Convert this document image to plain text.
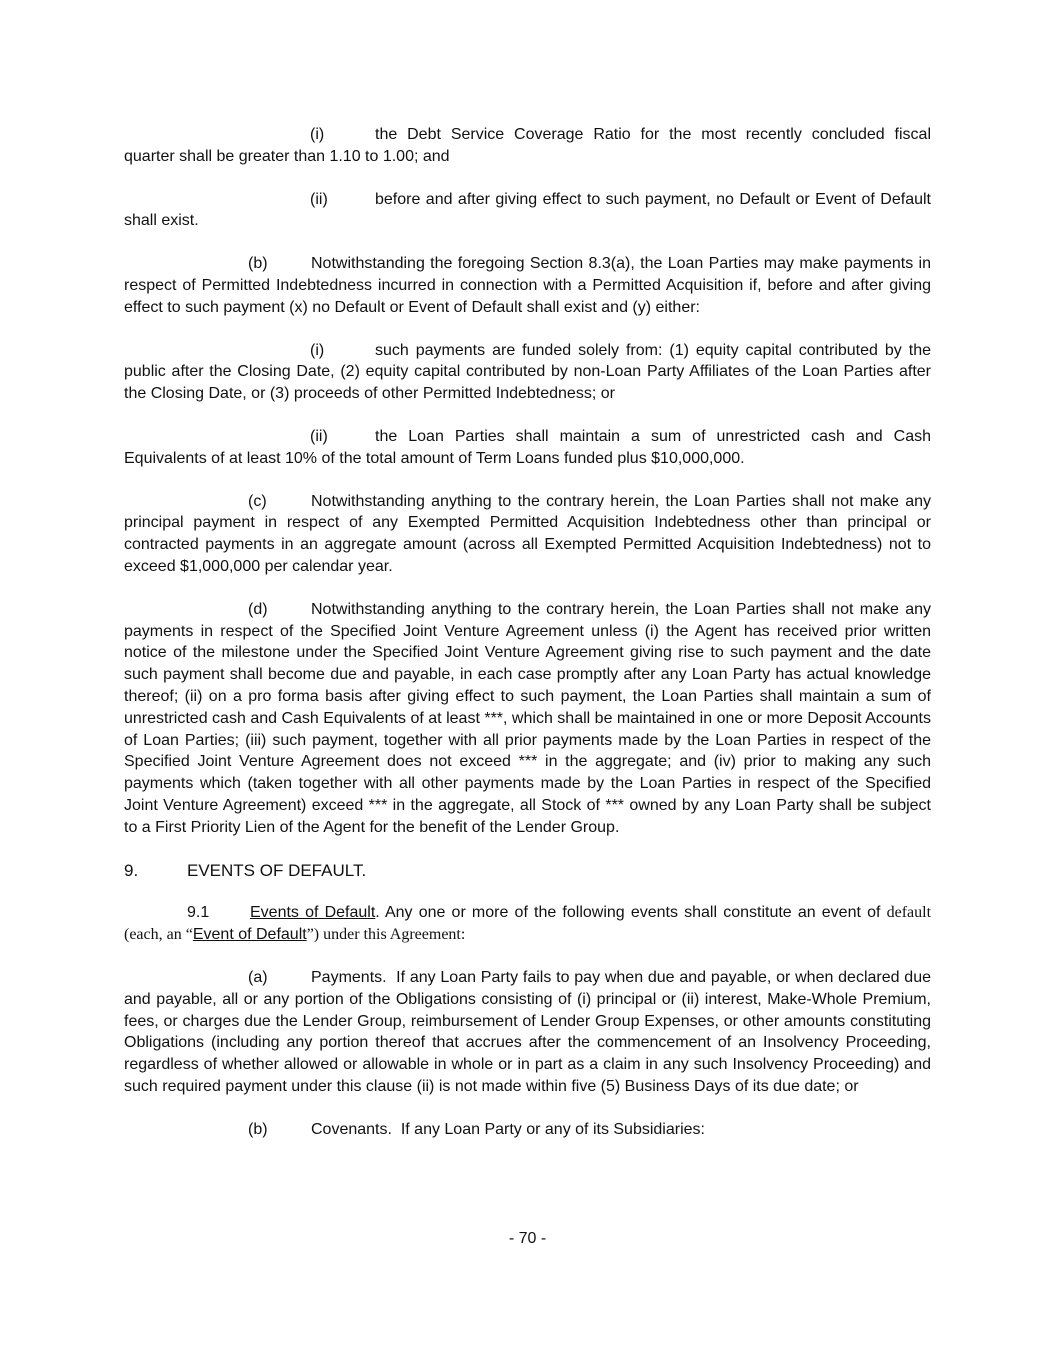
(i)	the Debt Service Coverage Ratio for the most recently concluded fiscal quarter shall be greater than 1.10 to 1.00; and

(ii)	before and after giving effect to such payment, no Default or Event of Default shall exist.

(b)	Notwithstanding the foregoing Section 8.3(a), the Loan Parties may make payments in respect of Permitted Indebtedness incurred in connection with a Permitted Acquisition if, before and after giving effect to such payment (x) no Default or Event of Default shall exist and (y) either:

(i)	such payments are funded solely from: (1) equity capital contributed by the public after the Closing Date, (2) equity capital contributed by non-Loan Party Affiliates of the Loan Parties after the Closing Date, or (3) proceeds of other Permitted Indebtedness; or

(ii)	the Loan Parties shall maintain a sum of unrestricted cash and Cash Equivalents of at least 10% of the total amount of Term Loans funded plus $10,000,000.

(c)	Notwithstanding anything to the contrary herein, the Loan Parties shall not make any principal payment in respect of any Exempted Permitted Acquisition Indebtedness other than principal or contracted payments in an aggregate amount (across all Exempted Permitted Acquisition Indebtedness) not to exceed $1,000,000 per calendar year.

(d)	Notwithstanding anything to the contrary herein, the Loan Parties shall not make any payments in respect of the Specified Joint Venture Agreement unless (i) the Agent has received prior written notice of the milestone under the Specified Joint Venture Agreement giving rise to such payment and the date such payment shall become due and payable, in each case promptly after any Loan Party has actual knowledge thereof; (ii) on a pro forma basis after giving effect to such payment, the Loan Parties shall maintain a sum of unrestricted cash and Cash Equivalents of at least ***, which shall be maintained in one or more Deposit Accounts of Loan Parties; (iii) such payment, together with all prior payments made by the Loan Parties in respect of the Specified Joint Venture Agreement does not exceed *** in the aggregate; and (iv) prior to making any such payments which (taken together with all other payments made by the Loan Parties in respect of the Specified Joint Venture Agreement) exceed *** in the aggregate, all Stock of *** owned by any Loan Party shall be subject to a First Priority Lien of the Agent for the benefit of the Lender Group.

9.	EVENTS OF DEFAULT.

9.1	Events of Default. Any one or more of the following events shall constitute an event of default (each, an “Event of Default”) under this Agreement:

(a)	Payments. If any Loan Party fails to pay when due and payable, or when declared due and payable, all or any portion of the Obligations consisting of (i) principal or (ii) interest, Make-Whole Premium, fees, or charges due the Lender Group, reimbursement of Lender Group Expenses, or other amounts constituting Obligations (including any portion thereof that accrues after the commencement of an Insolvency Proceeding, regardless of whether allowed or allowable in whole or in part as a claim in any such Insolvency Proceeding) and such required payment under this clause (ii) is not made within five (5) Business Days of its due date; or

(b)	Covenants. If any Loan Party or any of its Subsidiaries:

- 70 -
